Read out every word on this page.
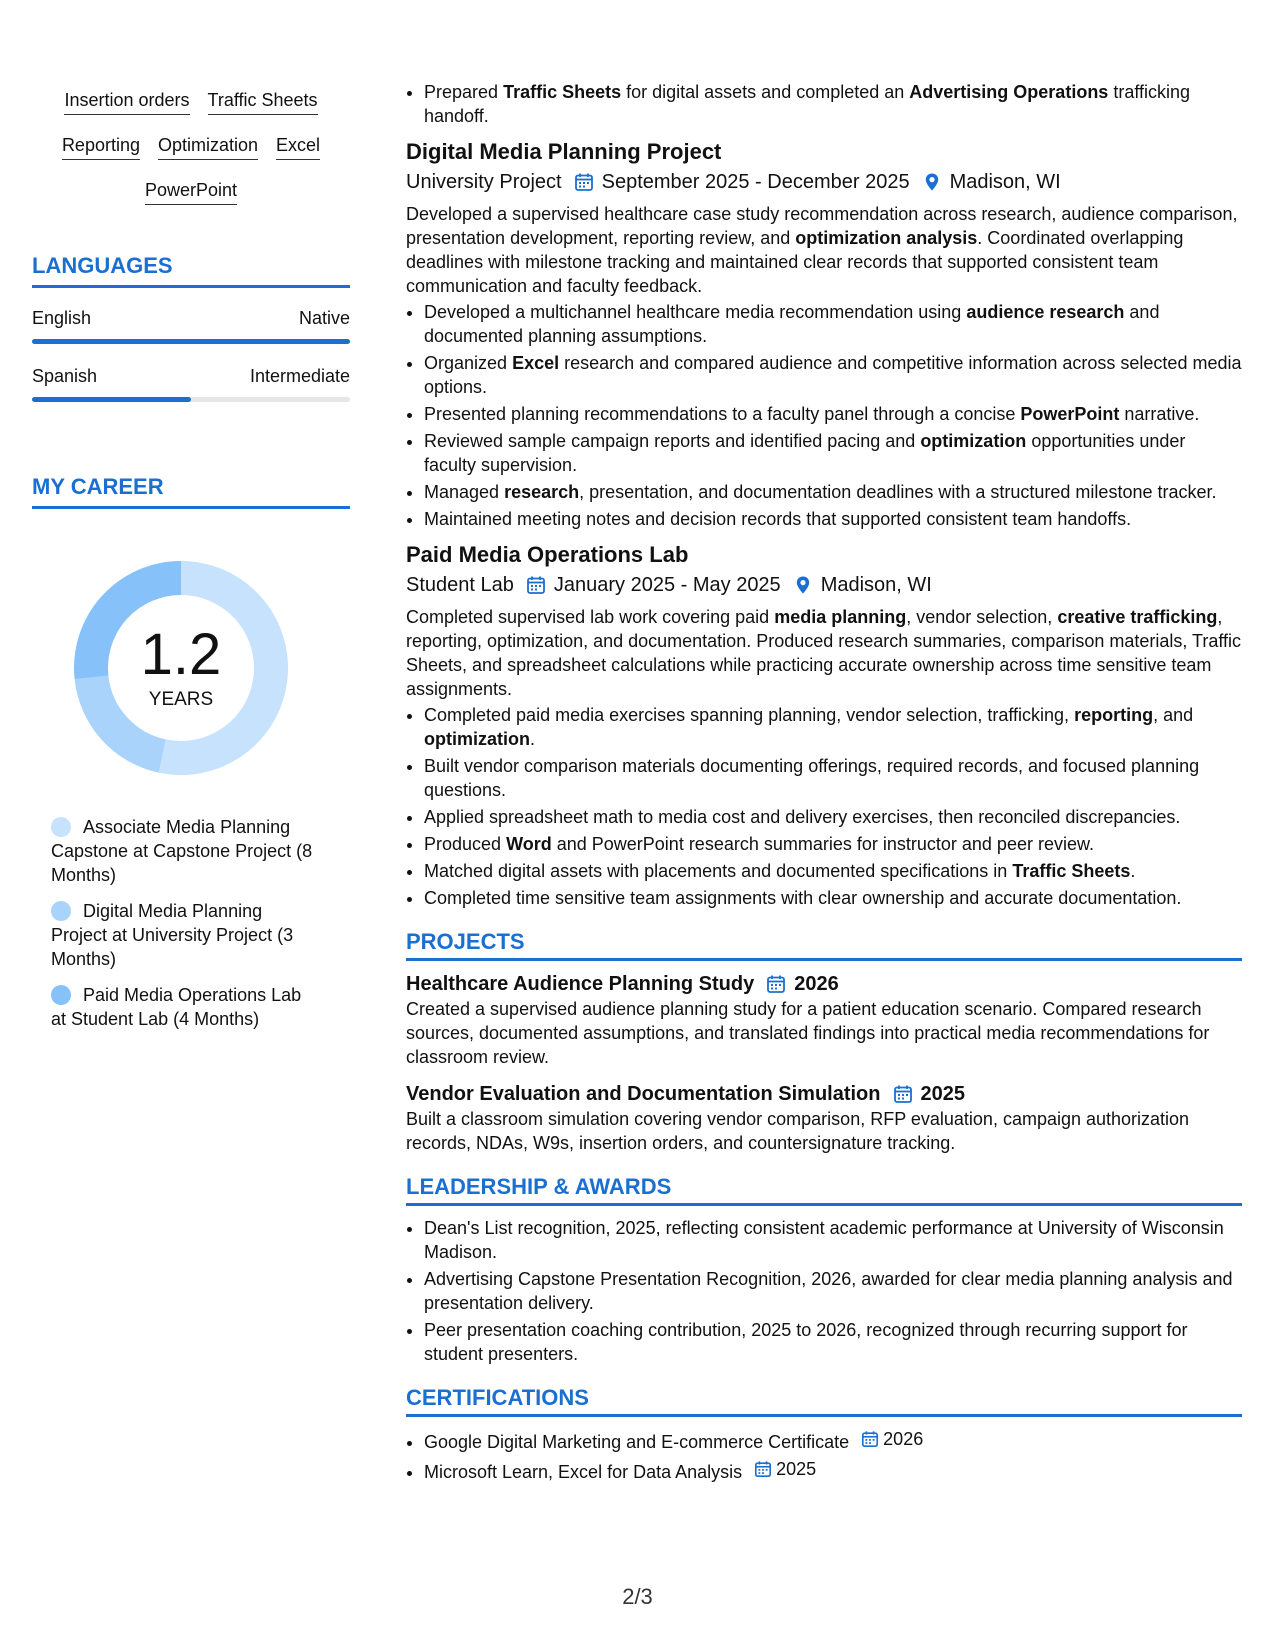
Insertion orders Traffic Sheets
Reporting Optimization Excel
PowerPoint
LANGUAGES
English	Native
Spanish	Intermediate
MY CAREER
1.2
YEARS
Associate Media Planning Capstone at Capstone Project (8 Months)
Digital Media Planning Project at University Project (3 Months)
Paid Media Operations Lab at Student Lab (4 Months)
• Prepared Traffic Sheets for digital assets and completed an Advertising Operations trafficking handoff.
Digital Media Planning Project
University Project September 2025 - December 2025 Madison, WI

Developed a supervised healthcare case study recommendation across research, audience comparison, presentation development, reporting review, and optimization analysis. Coordinated overlapping deadlines with milestone tracking and maintained clear records that supported consistent team communication and faculty feedback.

• Developed a multichannel healthcare media recommendation using audience research and documented planning assumptions.
• Organized Excel research and compared audience and competitive information across selected media options.
• Presented planning recommendations to a faculty panel through a concise PowerPoint narrative.
• Reviewed sample campaign reports and identified pacing and optimization opportunities under faculty supervision.
• Managed research, presentation, and documentation deadlines with a structured milestone tracker.
• Maintained meeting notes and decision records that supported consistent team handoffs.
Paid Media Operations Lab
Student Lab January 2025 - May 2025 Madison, WI

Completed supervised lab work covering paid media planning, vendor selection, creative trafficking, reporting, optimization, and documentation. Produced research summaries, comparison materials, Traffic Sheets, and spreadsheet calculations while practicing accurate ownership across time sensitive team assignments.

• Completed paid media exercises spanning planning, vendor selection, trafficking, reporting, and optimization.
• Built vendor comparison materials documenting offerings, required records, and focused planning questions.
• Applied spreadsheet math to media cost and delivery exercises, then reconciled discrepancies.
• Produced Word and PowerPoint research summaries for instructor and peer review.
• Matched digital assets with placements and documented specifications in Traffic Sheets.
• Completed time sensitive team assignments with clear ownership and accurate documentation.
PROJECTS
Healthcare Audience Planning Study 2026

Created a supervised audience planning study for a patient education scenario. Compared research sources, documented assumptions, and translated findings into practical media recommendations for classroom review.

Vendor Evaluation and Documentation Simulation 2025

Built a classroom simulation covering vendor comparison, RFP evaluation, campaign authorization records, NDAs, W9s, insertion orders, and countersignature tracking.

LEADERSHIP & AWARDS
• Dean's List recognition, 2025, reflecting consistent academic performance at University of Wisconsin Madison.
• Advertising Capstone Presentation Recognition, 2026, awarded for clear media planning analysis and presentation delivery.
• Peer presentation coaching contribution, 2025 to 2026, recognized through recurring support for student presenters.
CERTIFICATIONS
• Google Digital Marketing and E-commerce Certificate 2026
• Microsoft Learn, Excel for Data Analysis 2025
2/3
